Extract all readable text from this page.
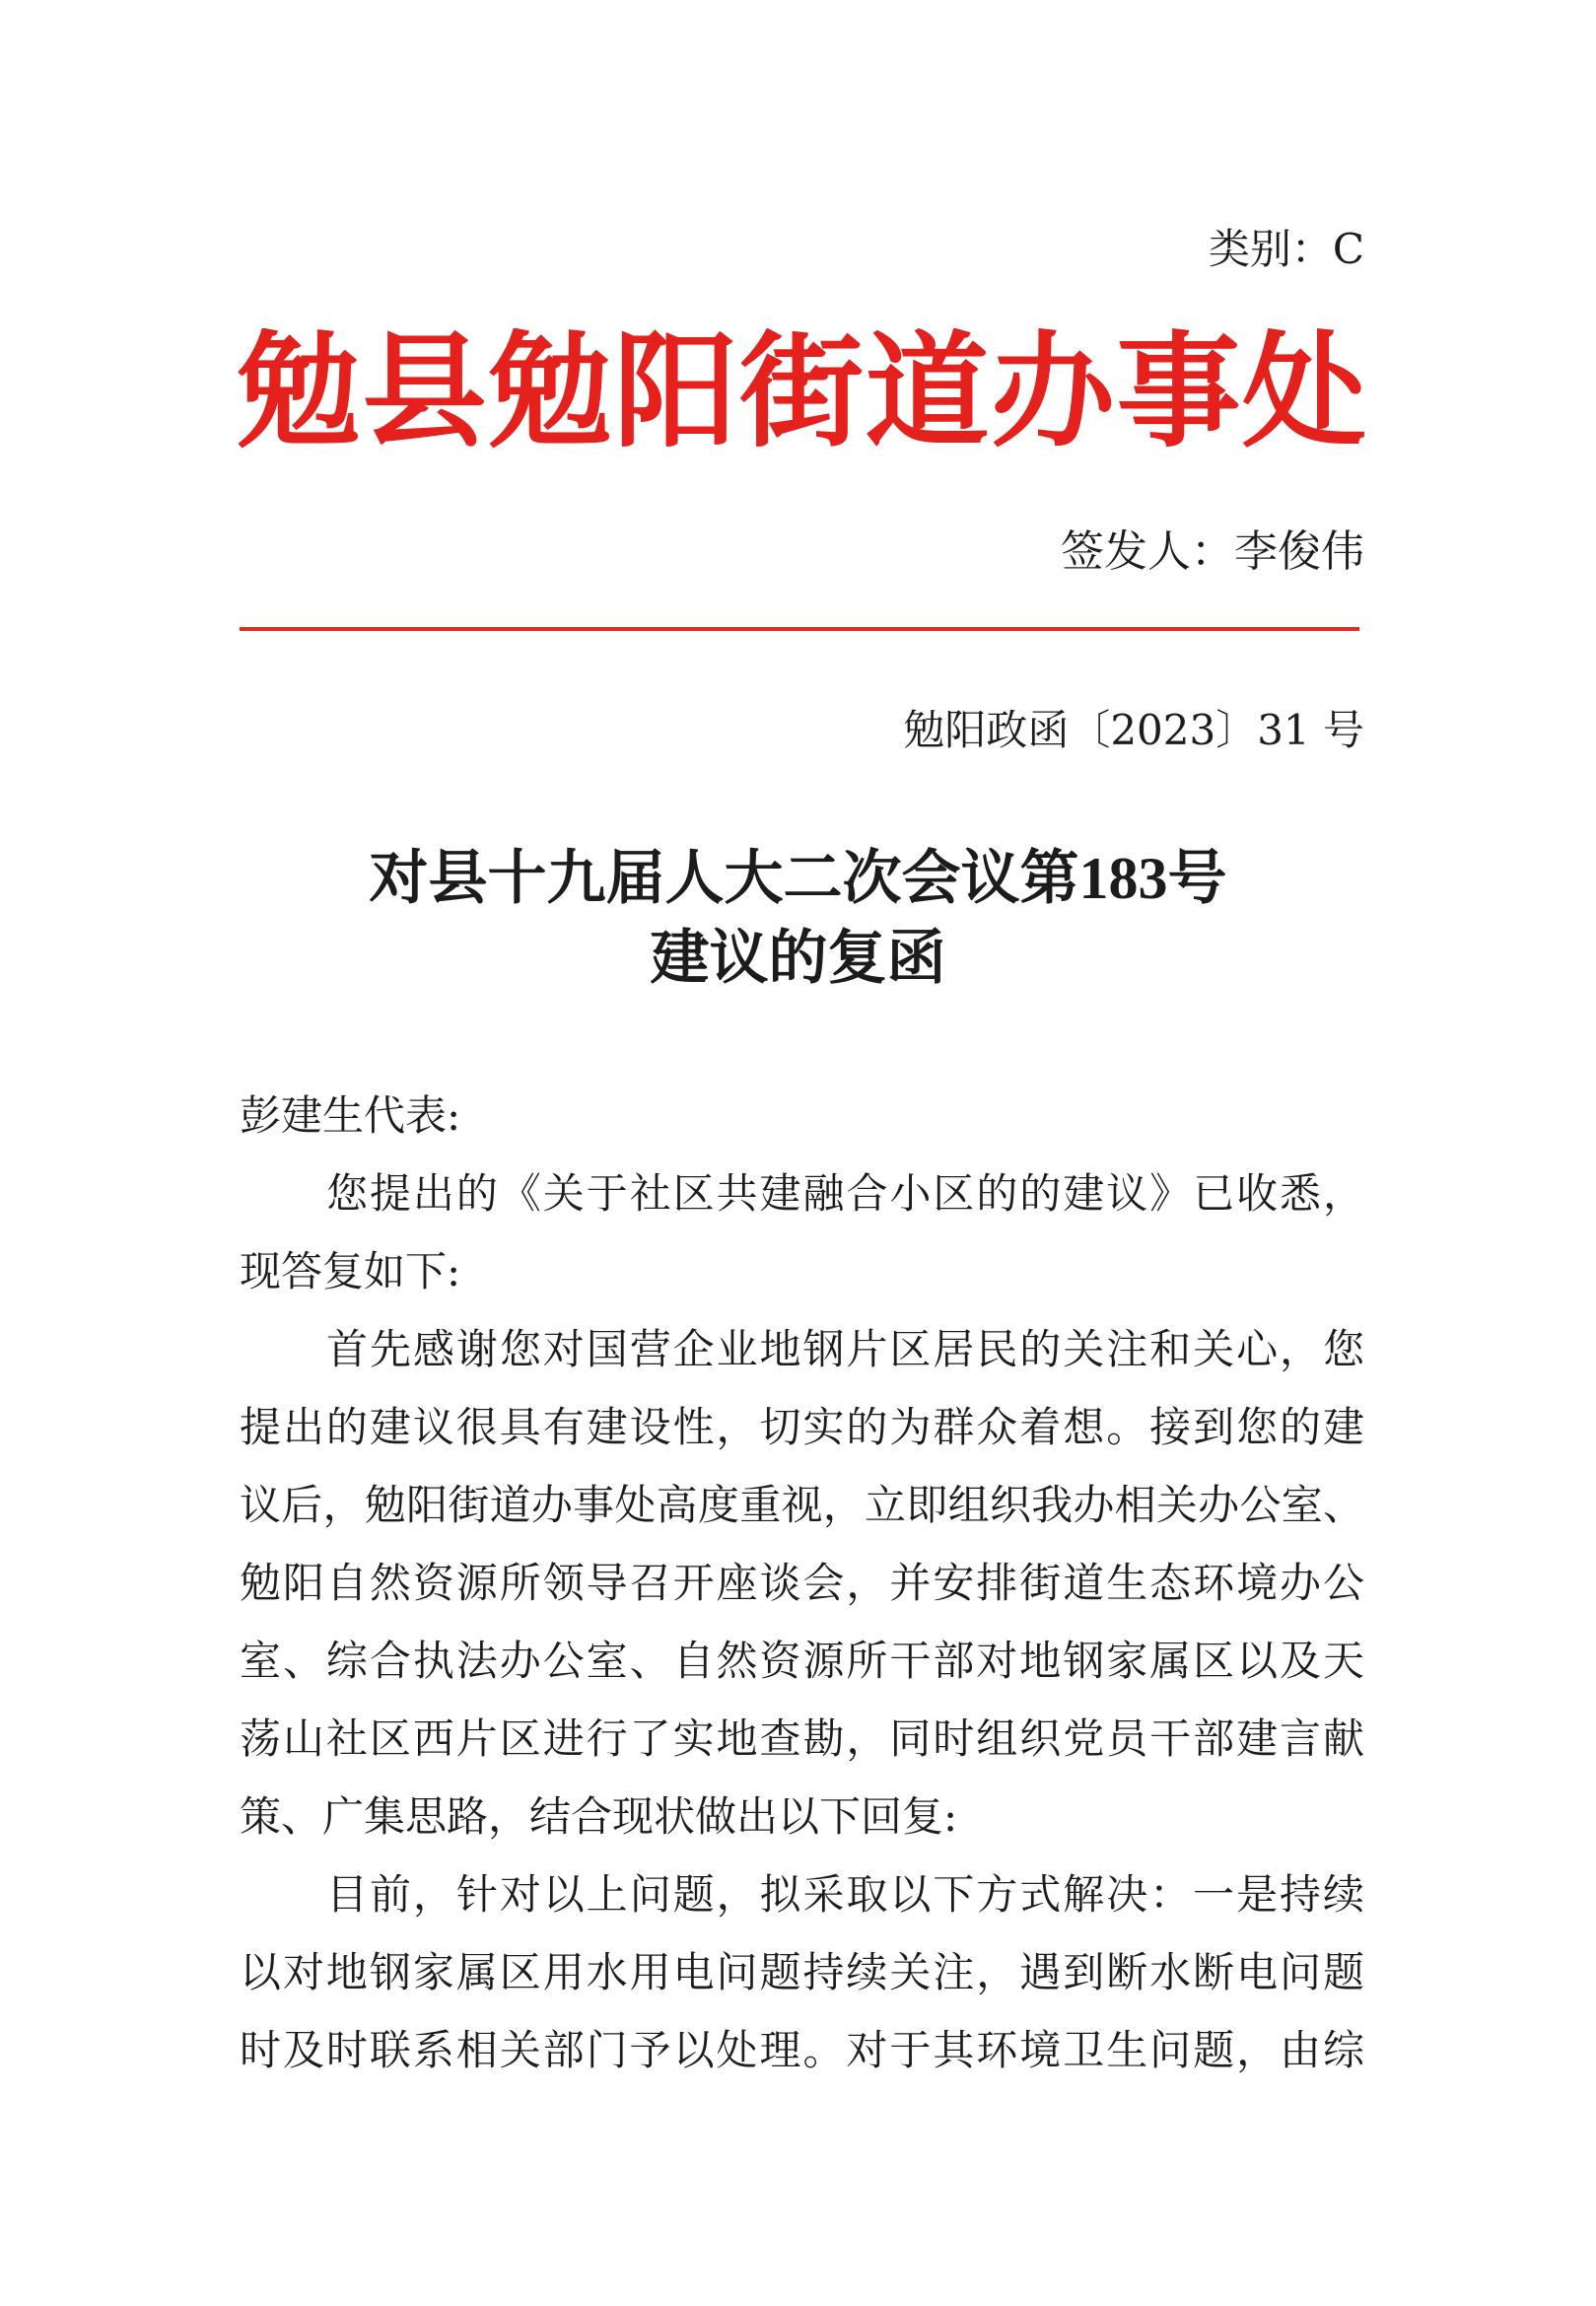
类别：C
勉县勉阳街道办事处
签发人：李俊伟
勉阳政函〔2023〕31 号
对县十九届人大二次会议第183号
建议的复函
彭建生代表:
您提出的《关于社区共建融合小区的的建议》已收悉，
现答复如下:
首先感谢您对国营企业地钢片区居民的关注和关心，您
提出的建议很具有建设性，切实的为群众着想。接到您的建
议后，勉阳街道办事处高度重视，立即组织我办相关办公室、
勉阳自然资源所领导召开座谈会，并安排街道生态环境办公
室、综合执法办公室、自然资源所干部对地钢家属区以及天
荡山社区西片区进行了实地查勘，同时组织党员干部建言献
策、广集思路，结合现状做出以下回复:
目前，针对以上问题，拟采取以下方式解决：一是持续
以对地钢家属区用水用电问题持续关注，遇到断水断电问题
时及时联系相关部门予以处理。对于其环境卫生问题，由综
